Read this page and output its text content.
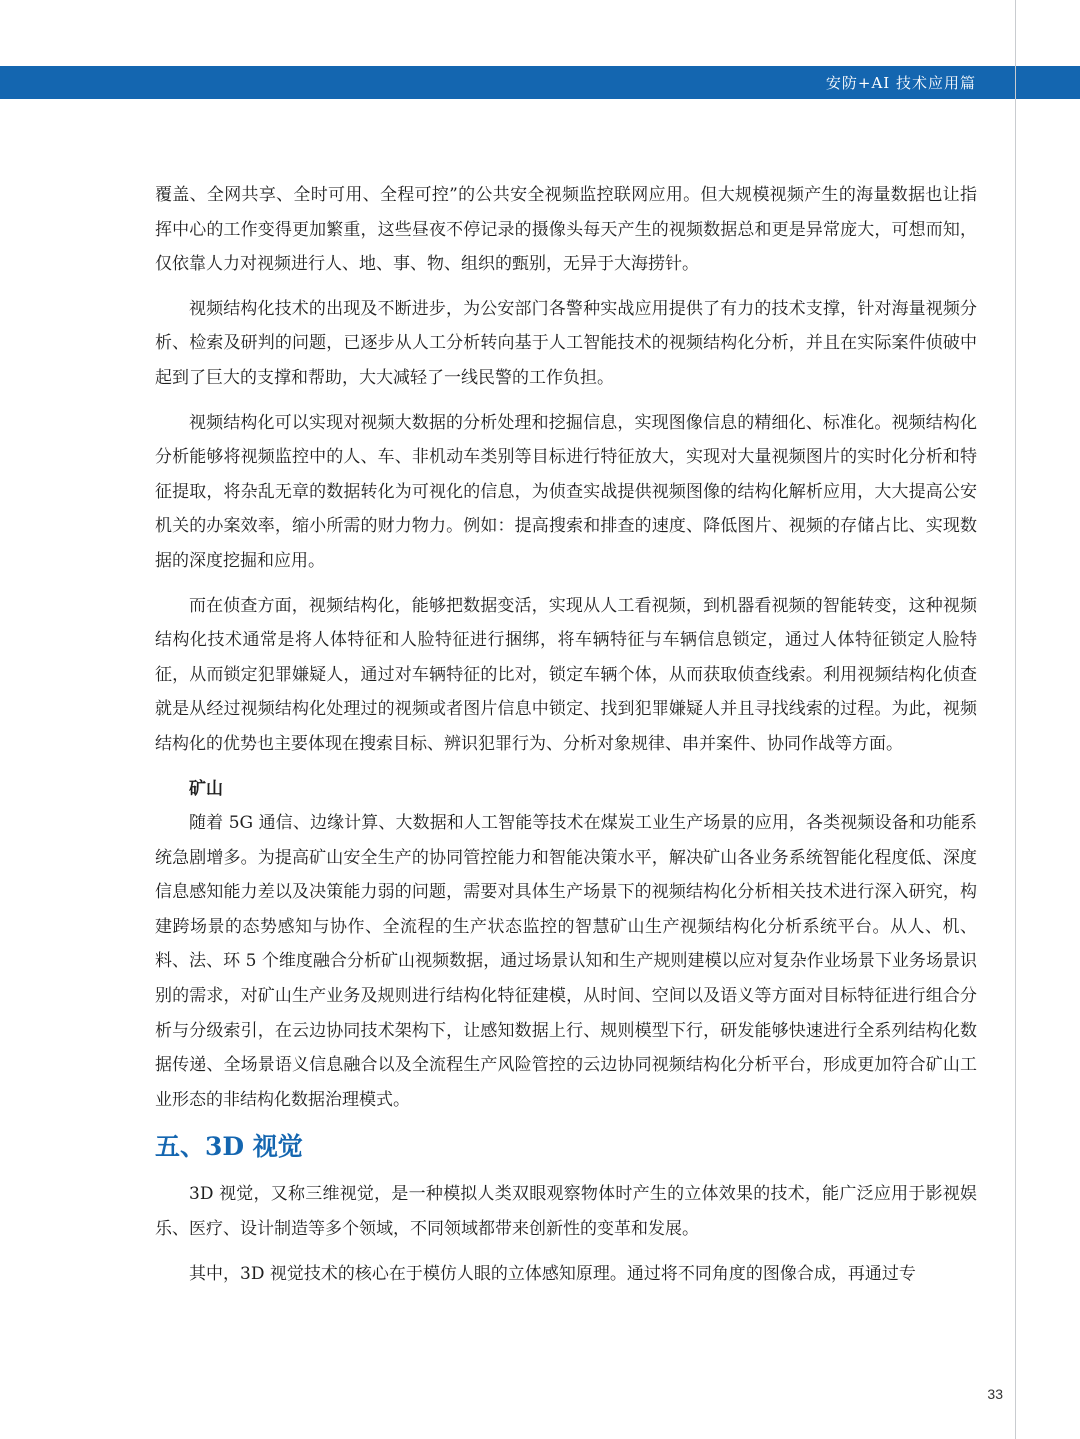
安防+AI 技术应用篇

覆盖、全网共享、全时可用、全程可控”的公共安全视频监控联网应用。但大规模视频产生的海量数据也让指挥中心的工作变得更加繁重，这些昼夜不停记录的摄像头每天产生的视频数据总和更是异常庞大，可想而知，仅依靠人力对视频进行人、地、事、物、组织的甄别，无异于大海捞针。

视频结构化技术的出现及不断进步，为公安部门各警种实战应用提供了有力的技术支撑，针对海量视频分析、检索及研判的问题，已逐步从人工分析转向基于人工智能技术的视频结构化分析，并且在实际案件侦破中起到了巨大的支撑和帮助，大大减轻了一线民警的工作负担。

视频结构化可以实现对视频大数据的分析处理和挖掘信息，实现图像信息的精细化、标准化。视频结构化分析能够将视频监控中的人、车、非机动车类别等目标进行特征放大，实现对大量视频图片的实时化分析和特征提取，将杂乱无章的数据转化为可视化的信息，为侦查实战提供视频图像的结构化解析应用，大大提高公安机关的办案效率，缩小所需的财力物力。例如：提高搜索和排查的速度、降低图片、视频的存储占比、实现数据的深度挖掘和应用。

而在侦查方面，视频结构化，能够把数据变活，实现从人工看视频，到机器看视频的智能转变，这种视频结构化技术通常是将人体特征和人脸特征进行捆绑，将车辆特征与车辆信息锁定，通过人体特征锁定人脸特征，从而锁定犯罪嫌疑人，通过对车辆特征的比对，锁定车辆个体，从而获取侦查线索。利用视频结构化侦查就是从经过视频结构化处理过的视频或者图片信息中锁定、找到犯罪嫌疑人并且寻找线索的过程。为此，视频结构化的优势也主要体现在搜索目标、辨识犯罪行为、分析对象规律、串并案件、协同作战等方面。

矿山

随着 5G 通信、边缘计算、大数据和人工智能等技术在煤炭工业生产场景的应用，各类视频设备和功能系统急剧增多。为提高矿山安全生产的协同管控能力和智能决策水平，解决矿山各业务系统智能化程度低、深度信息感知能力差以及决策能力弱的问题，需要对具体生产场景下的视频结构化分析相关技术进行深入研究，构建跨场景的态势感知与协作、全流程的生产状态监控的智慧矿山生产视频结构化分析系统平台。从人、机、料、法、环 5 个维度融合分析矿山视频数据，通过场景认知和生产规则建模以应对复杂作业场景下业务场景识别的需求，对矿山生产业务及规则进行结构化特征建模，从时间、空间以及语义等方面对目标特征进行组合分析与分级索引，在云边协同技术架构下，让感知数据上行、规则模型下行，研发能够快速进行全系列结构化数据传递、全场景语义信息融合以及全流程生产风险管控的云边协同视频结构化分析平台，形成更加符合矿山工业形态的非结构化数据治理模式。

五、3D 视觉

3D 视觉，又称三维视觉，是一种模拟人类双眼观察物体时产生的立体效果的技术，能广泛应用于影视娱乐、医疗、设计制造等多个领域，不同领域都带来创新性的变革和发展。

其中，3D 视觉技术的核心在于模仿人眼的立体感知原理。通过将不同角度的图像合成，再通过专

33
